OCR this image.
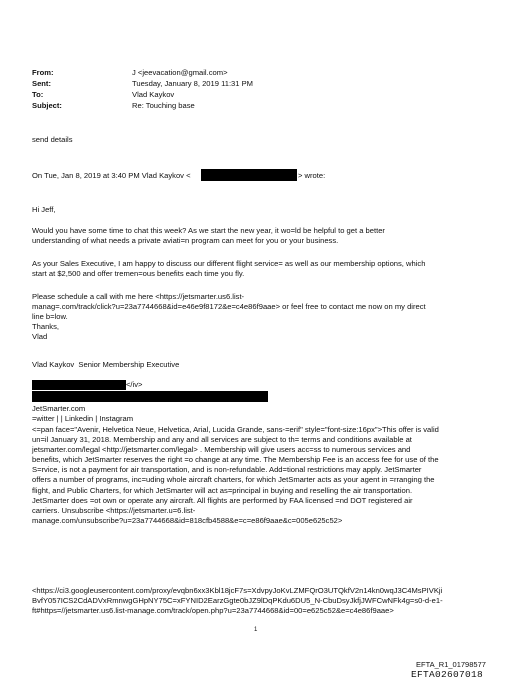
From:	J <jeevacation@gmail.com>
Sent:	Tuesday, January 8, 2019 11:31 PM
To:	Vlad Kaykov
Subject:	Re: Touching base
send details
On Tue, Jan 8, 2019 at 3:40 PM Vlad Kaykov <	> wrote:
Hi Jeff,

Would you have some time to chat this week? As we start the new year, it wo=ld be helpful to get a better

understanding of what needs a private aviati=n program can meet for you or your business.

As your Sales Executive, I am happy to discuss our different flight service= as well as our membership options, which

start at $2,500 and offer tremen=ous benefits each time you fly.

Please schedule a call with me here <https://jetsmarter.us6.list-

manag=.com/track/click?u=23a7744668&id=e46e9f8172&e=c4e86f9aae> or feel free to contact me now on my direct

line b=low.

Thanks,

Vlad

Vlad Kaykov  Senior Membership Executive
</iv>
JetSmarter.com
=witter | | Linkedin | Instagram

<=pan face="Avenir, Helvetica Neue, Helvetica, Arial, Lucida Grande, sans-=erif" style="font-size:16px">This offer is valid

un=il January 31, 2018. Membership and any and all services are subject to th= terms and conditions available at

jetsmarter.com/legal <http://jetsmarter.com/legal> . Membership will give users acc=ss to numerous services and

benefits, which JetSmarter reserves the right =o change at any time. The Membership Fee is an access fee for use of the

S=rvice, is not a payment for air transportation, and is non-refundable. Add=tional restrictions may apply. JetSmarter

offers a number of programs, inc=uding whole aircraft charters, for which JetSmarter acts as your agent in =rranging the

flight, and Public Charters, for which JetSmarter will act as=principal in buying and reselling the air transportation.

JetSmarter does =ot own or operate any aircraft. All flights are performed by FAA licensed =nd DOT registered air

carriers. Unsubscribe <https://jetsmarter.u=6.list-

manage.com/unsubscribe?u=23a7744668&id=818cfb4588&e=c=e86f9aae&c=005e625c52>

<https://ci3.googleusercontent.com/proxy/evqbn6xx3Kbl18jcF7s=XdvpyJoKvLZMFQrO3UTQkfV2n14kn0wqJ3C4MsPIVKji

BvfY057ICS2CdADVxRmnwgGHpNY75C=xFYNID2EarzGgte0bJZ9lDqPKdu6DU5_N-CbuDsyJkfjJWFCwNFk4g=s0-d-e1-

ft#https=//jetsmarter.us6.list-manage.com/track/open.php?u=23a7744668&id=00=e625c52&e=c4e86f9aae>

1
EFTA_R1_01798577
EFTA02607018
